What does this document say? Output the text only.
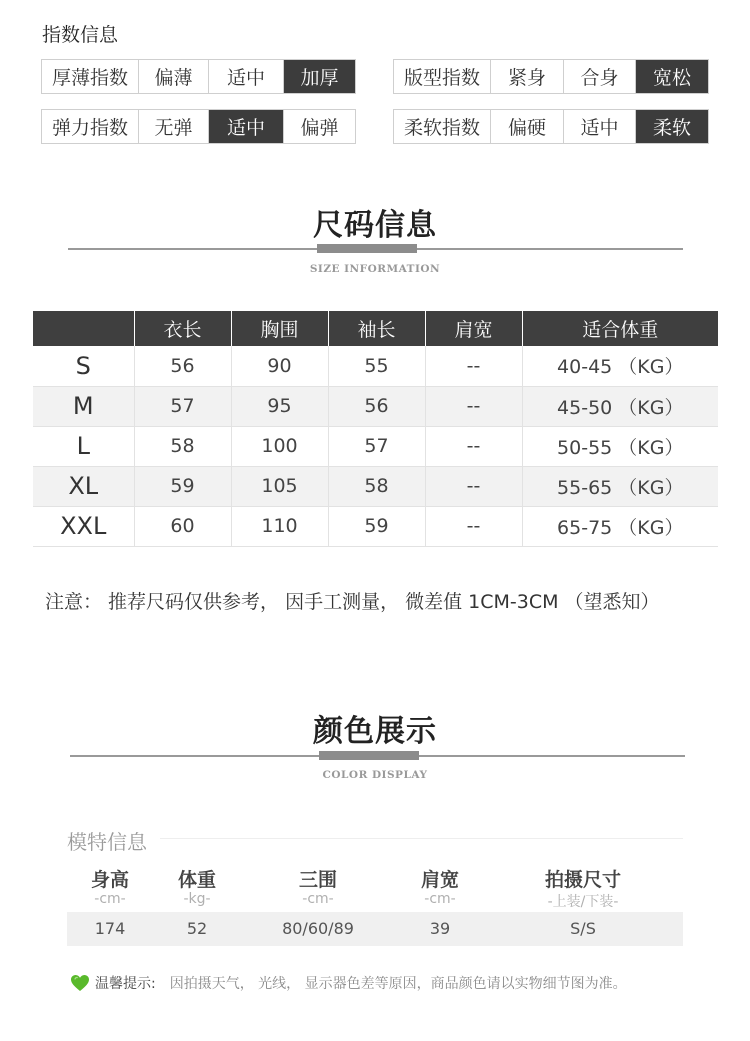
指数信息
厚薄指数	偏薄	适中	加厚	版型指数	紧身	合身	宽松
弹力指数	无弹	适中	偏弹	柔软指数	偏硬	适中	柔软
尺码信息
SIZE INFORMATION
	衣长	胸围	袖长	肩宽	适合体重
S	56	90	55	--	40-45 （KG）
M	57	95	56	--	45-50 （KG）
L	58	100	57	--	50-55 （KG）
XL	59	105	58	--	55-65 （KG）
XXL	60	110	59	--	65-75 （KG）
注意： 推荐尺码仅供参考， 因手工测量， 微差值 1CM-3CM （望悉知）
颜色展示
COLOR DISPLAY
模特信息
身高	体重	三围	肩宽	拍摄尺寸
-cm-	-kg-	-cm-	-cm-	-上装/下装-
174	52	80/60/89	39	S/S
温馨提示: 因拍摄天气， 光线， 显示器色差等原因，商品颜色请以实物细节图为准。
